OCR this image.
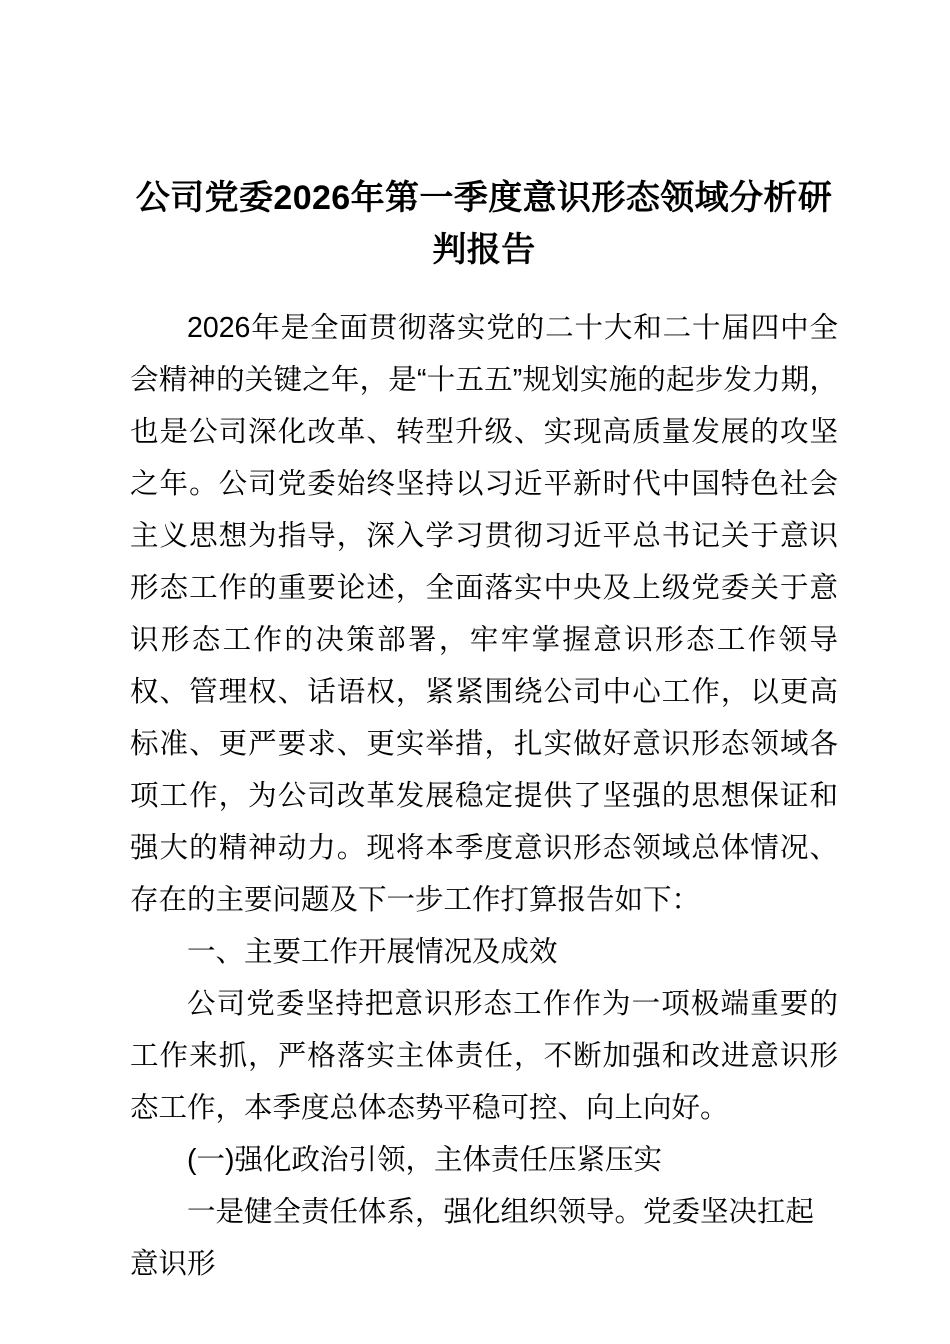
公司党委2026年第一季度意识形态领域分析研判报告

2026年是全面贯彻落实党的二十大和二十届四中全会精神的关键之年，是“十五五”规划实施的起步发力期，也是公司深化改革、转型升级、实现高质量发展的攻坚之年。公司党委始终坚持以习近平新时代中国特色社会主义思想为指导，深入学习贯彻习近平总书记关于意识形态工作的重要论述，全面落实中央及上级党委关于意识形态工作的决策部署，牢牢掌握意识形态工作领导权、管理权、话语权，紧紧围绕公司中心工作，以更高标准、更严要求、更实举措，扎实做好意识形态领域各项工作，为公司改革发展稳定提供了坚强的思想保证和强大的精神动力。现将本季度意识形态领域总体情况、存在的主要问题及下一步工作打算报告如下：

一、主要工作开展情况及成效

公司党委坚持把意识形态工作作为一项极端重要的工作来抓，严格落实主体责任，不断加强和改进意识形态工作，本季度总体态势平稳可控、向上向好。

(一)强化政治引领，主体责任压紧压实

一是健全责任体系，强化组织领导。党委坚决扛起意识形
